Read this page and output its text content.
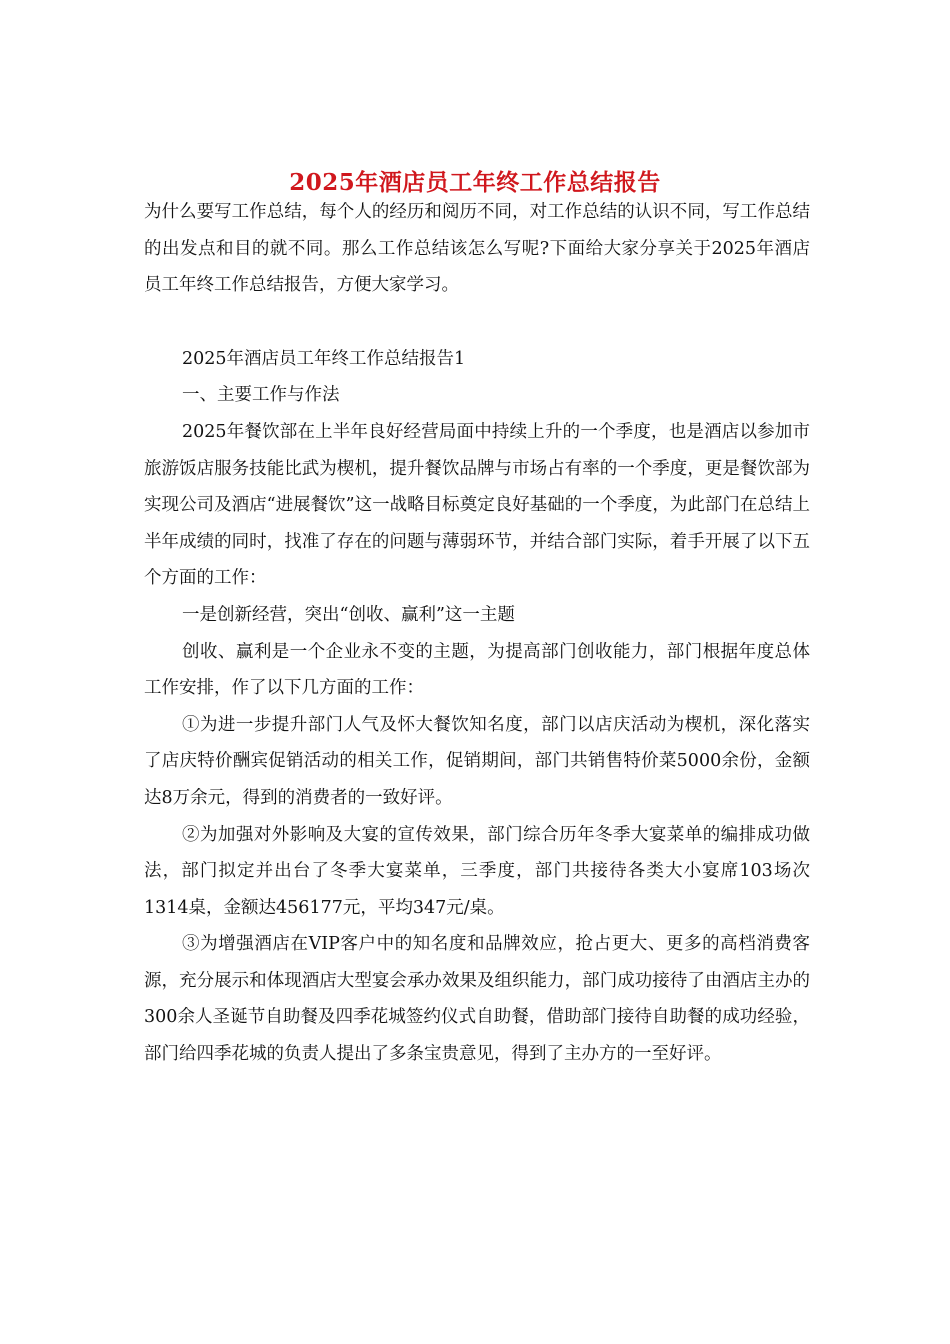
2025年酒店员工年终工作总结报告

为什么要写工作总结，每个人的经历和阅历不同，对工作总结的认识不同，写工作总结的出发点和目的就不同。那么工作总结该怎么写呢?下面给大家分享关于2025年酒店员工年终工作总结报告，方便大家学习。

2025年酒店员工年终工作总结报告1

一、主要工作与作法

2025年餐饮部在上半年良好经营局面中持续上升的一个季度，也是酒店以参加市旅游饭店服务技能比武为楔机，提升餐饮品牌与市场占有率的一个季度，更是餐饮部为实现公司及酒店“进展餐饮”这一战略目标奠定良好基础的一个季度，为此部门在总结上半年成绩的同时，找准了存在的问题与薄弱环节，并结合部门实际，着手开展了以下五个方面的工作：

一是创新经营，突出“创收、赢利”这一主题

创收、赢利是一个企业永不变的主题，为提高部门创收能力，部门根据年度总体工作安排，作了以下几方面的工作：

①为进一步提升部门人气及怀大餐饮知名度，部门以店庆活动为楔机，深化落实了店庆特价酬宾促销活动的相关工作，促销期间，部门共销售特价菜5000余份，金额达8万余元，得到的消费者的一致好评。

②为加强对外影响及大宴的宣传效果，部门综合历年冬季大宴菜单的编排成功做法，部门拟定并出台了冬季大宴菜单，三季度，部门共接待各类大小宴席103场次1314桌，金额达456177元，平均347元/桌。

③为增强酒店在VIP客户中的知名度和品牌效应，抢占更大、更多的高档消费客源，充分展示和体现酒店大型宴会承办效果及组织能力，部门成功接待了由酒店主办的300余人圣诞节自助餐及四季花城签约仪式自助餐，借助部门接待自助餐的成功经验，部门给四季花城的负责人提出了多条宝贵意见，得到了主办方的一至好评。
